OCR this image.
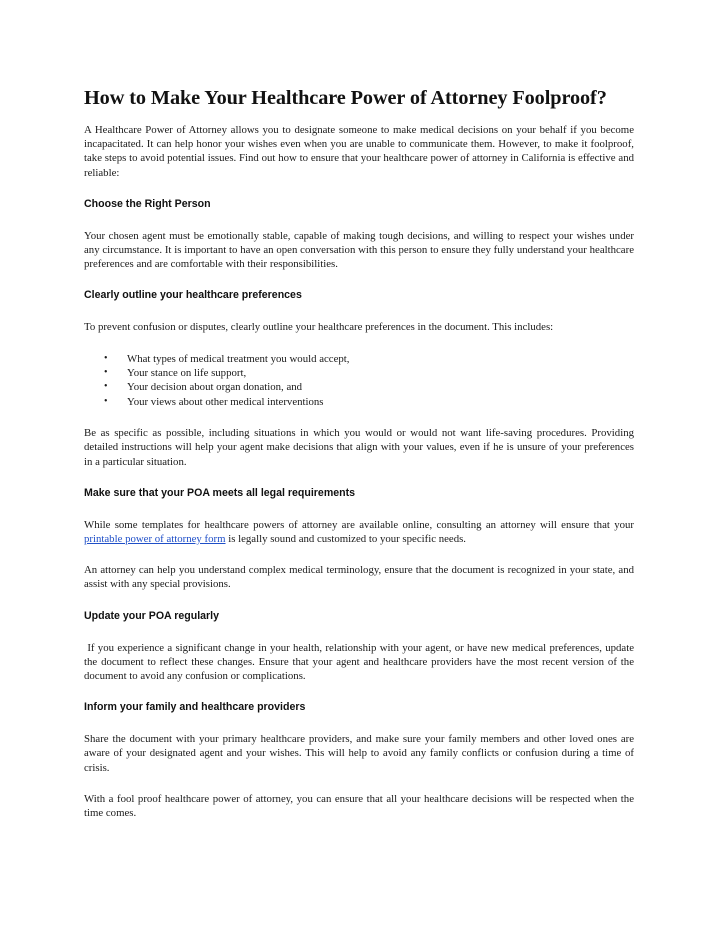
How to Make Your Healthcare Power of Attorney Foolproof?

A Healthcare Power of Attorney allows you to designate someone to make medical decisions on your behalf if you become incapacitated. It can help honor your wishes even when you are unable to communicate them. However, to make it foolproof, take steps to avoid potential issues. Find out how to ensure that your healthcare power of attorney in California is effective and reliable:

Choose the Right Person

Your chosen agent must be emotionally stable, capable of making tough decisions, and willing to respect your wishes under any circumstance. It is important to have an open conversation with this person to ensure they fully understand your healthcare preferences and are comfortable with their responsibilities.

Clearly outline your healthcare preferences

To prevent confusion or disputes, clearly outline your healthcare preferences in the document. This includes:

• What types of medical treatment you would accept,
• Your stance on life support,
• Your decision about organ donation, and
• Your views about other medical interventions

Be as specific as possible, including situations in which you would or would not want life-saving procedures. Providing detailed instructions will help your agent make decisions that align with your values, even if he is unsure of your preferences in a particular situation.

Make sure that your POA meets all legal requirements

While some templates for healthcare powers of attorney are available online, consulting an attorney will ensure that your printable power of attorney form is legally sound and customized to your specific needs.

An attorney can help you understand complex medical terminology, ensure that the document is recognized in your state, and assist with any special provisions.

Update your POA regularly

If you experience a significant change in your health, relationship with your agent, or have new medical preferences, update the document to reflect these changes. Ensure that your agent and healthcare providers have the most recent version of the document to avoid any confusion or complications.

Inform your family and healthcare providers

Share the document with your primary healthcare providers, and make sure your family members and other loved ones are aware of your designated agent and your wishes. This will help to avoid any family conflicts or confusion during a time of crisis.

With a fool proof healthcare power of attorney, you can ensure that all your healthcare decisions will be respected when the time comes.
